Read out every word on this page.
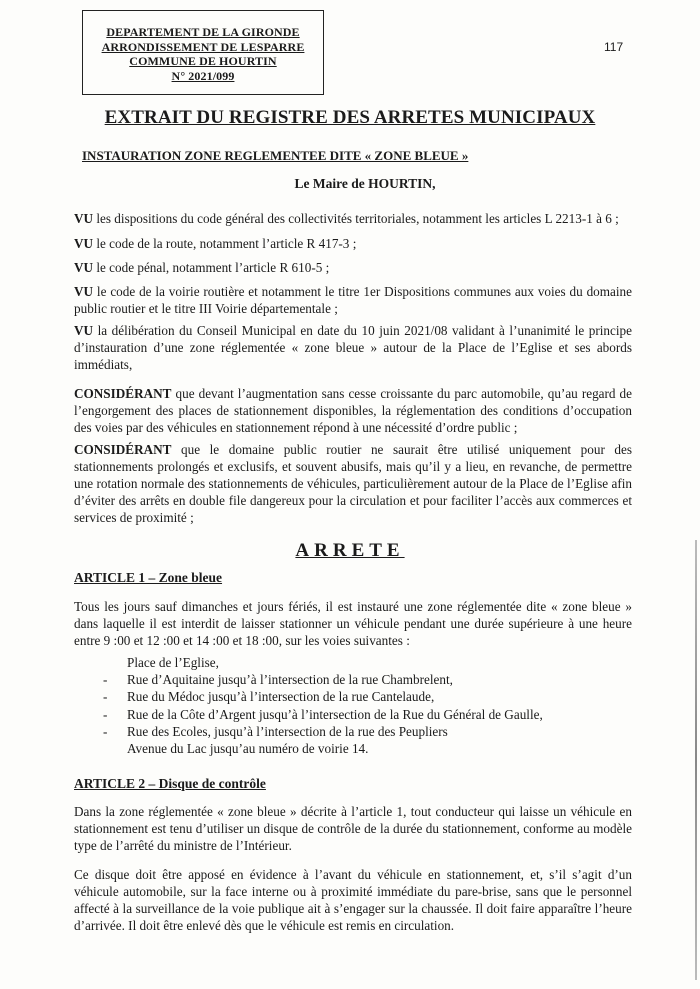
DEPARTEMENT DE LA GIRONDE
ARRONDISSEMENT DE LESPARRE
COMMUNE DE HOURTIN
N° 2021/099
117
EXTRAIT DU REGISTRE DES ARRETES MUNICIPAUX
INSTAURATION ZONE REGLEMENTEE DITE « ZONE BLEUE »
Le Maire de HOURTIN,
VU les dispositions du code général des collectivités territoriales, notamment les articles L 2213-1 à 6 ;
VU le code de la route, notamment l’article R 417-3 ;
VU le code pénal, notamment l’article R 610-5 ;
VU le code de la voirie routière et notamment le titre 1er Dispositions communes aux voies du domaine public routier et le titre III Voirie départementale ;
VU la délibération du Conseil Municipal en date du 10 juin 2021/08 validant à l’unanimité le principe d’instauration d’une zone réglementée « zone bleue » autour de la Place de l’Eglise et ses abords immédiats,
CONSIDÉRANT que devant l’augmentation sans cesse croissante du parc automobile, qu’au regard de l’engorgement des places de stationnement disponibles, la réglementation des conditions d’occupation des voies par des véhicules en stationnement répond à une nécessité d’ordre public ;
CONSIDÉRANT que le domaine public routier ne saurait être utilisé uniquement pour des stationnements prolongés et exclusifs, et souvent abusifs, mais qu’il y a lieu, en revanche, de permettre une rotation normale des stationnements de véhicules, particulièrement autour de la Place de l’Eglise afin d’éviter des arrêts en double file dangereux pour la circulation et pour faciliter l’accès aux commerces et services de proximité ;
ARRETE
ARTICLE 1 – Zone bleue
Tous les jours sauf dimanches et jours fériés, il est instauré une zone réglementée dite « zone bleue » dans laquelle il est interdit de laisser stationner un véhicule pendant une durée supérieure à une heure entre 9 :00 et 12 :00 et 14 :00 et 18 :00, sur les voies suivantes :
Place de l’Eglise,
- Rue d’Aquitaine jusqu’à l’intersection de la rue Chambrelent,
- Rue du Médoc jusqu’à l’intersection de la rue Cantelaude,
- Rue de la Côte d’Argent jusqu’à l’intersection de la Rue du Général de Gaulle,
- Rue des Ecoles, jusqu’à l’intersection de la rue des Peupliers
Avenue du Lac jusqu’au numéro de voirie 14.
ARTICLE 2 – Disque de contrôle
Dans la zone réglementée « zone bleue » décrite à l’article 1, tout conducteur qui laisse un véhicule en stationnement est tenu d’utiliser un disque de contrôle de la durée du stationnement, conforme au modèle type de l’arrêté du ministre de l’Intérieur.
Ce disque doit être apposé en évidence à l’avant du véhicule en stationnement, et, s’il s’agit d’un véhicule automobile, sur la face interne ou à proximité immédiate du pare-brise, sans que le personnel affecté à la surveillance de la voie publique ait à s’engager sur la chaussée. Il doit faire apparaître l’heure d’arrivée. Il doit être enlevé dès que le véhicule est remis en circulation.
